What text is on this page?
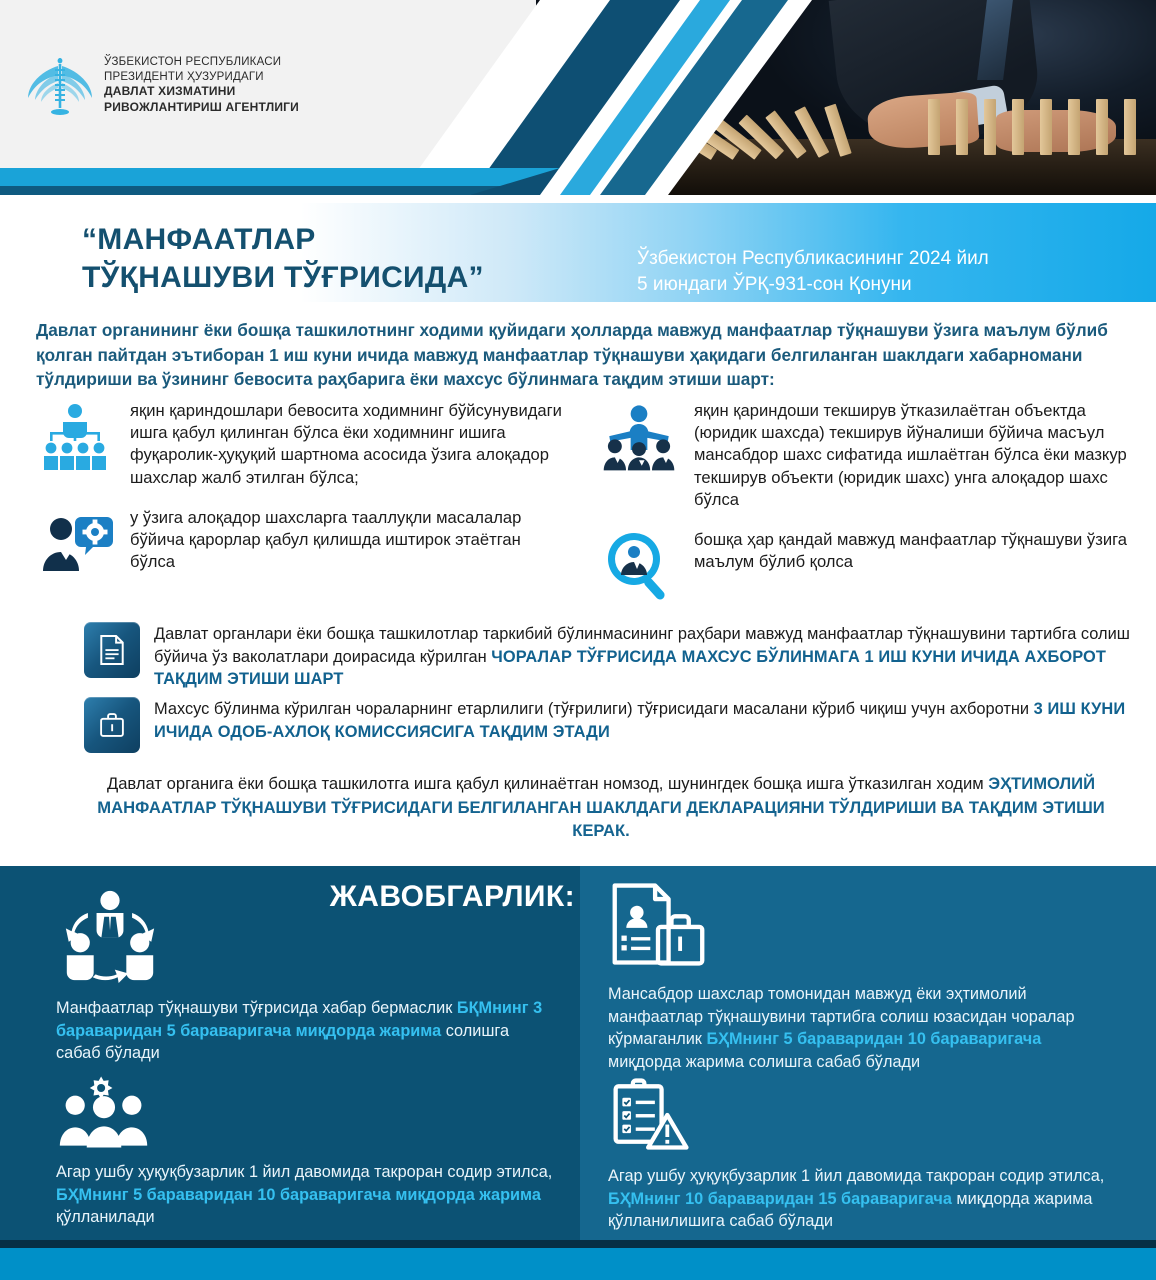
ЎЗБЕКИСТОН РЕСПУБЛИКАСИ
ПРЕЗИДЕНТИ ҲУЗУРИДАГИ
ДАВЛАТ ХИЗМАТИНИ
РИВОЖЛАНТИРИШ АГЕНТЛИГИ
“МАНФААТЛАР
ТЎҚНАШУВИ ТЎҒРИСИДА”
Ўзбекистон Республикасининг 2024 йил
5 июндаги ЎРҚ-931-сон Қонуни
Давлат органининг ёки бошқа ташкилотнинг ходими қуйидаги ҳолларда мавжуд манфаатлар тўқнашуви ўзига маълум бўлиб қолган пайтдан эътиборан 1 иш куни ичида мавжуд манфаатлар тўқнашуви ҳақидаги белгиланган шаклдаги хабарномани тўлдириши ва ўзининг бевосита раҳбарига ёки махсус бўлинмага тақдим этиши шарт:
яқин қариндошлари бевосита ходимнинг бўйсунувидаги ишга қабул қилинган бўлса ёки ходимнинг ишига фуқаролик-ҳуқуқий шартнома асосида ўзига алоқадор шахслар жалб этилган бўлса;
у ўзига алоқадор шахсларга тааллуқли масалалар бўйича қарорлар қабул қилишда иштирок этаётган бўлса
яқин қариндоши текширув ўтказилаётган объектда (юридик шахсда) текширув йўналиши бўйича масъул мансабдор шахс сифатида ишлаётган бўлса ёки мазкур текширув объекти (юридик шахс) унга алоқадор шахс бўлса
бошқа ҳар қандай мавжуд манфаатлар тўқнашуви ўзига маълум бўлиб қолса
Давлат органлари ёки бошқа ташкилотлар таркибий бўлинмасининг раҳбари мавжуд манфаатлар тўқнашувини тартибга солиш бўйича ўз ваколатлари доирасида кўрилган ЧОРАЛАР ТЎҒРИСИДА МАХСУС БЎЛИНМАГА 1 ИШ КУНИ ИЧИДА АХБОРОТ ТАҚДИМ ЭТИШИ ШАРТ
Махсус бўлинма кўрилган чораларнинг етарлилиги (тўғрилиги) тўғрисидаги масалани кўриб чиқиш учун ахборотни 3 ИШ КУНИ ИЧИДА ОДОБ-АХЛОҚ КОМИССИЯСИГА ТАҚДИМ ЭТАДИ
Давлат органига ёки бошқа ташкилотга ишга қабул қилинаётган номзод, шунингдек бошқа ишга ўтказилган ходим ЭҲТИМОЛИЙ МАНФААТЛАР ТЎҚНАШУВИ ТЎҒРИСИДАГИ БЕЛГИЛАНГАН ШАКЛДАГИ ДЕКЛАРАЦИЯНИ ТЎЛДИРИШИ ВА ТАҚДИМ ЭТИШИ КЕРАК.
ЖАВОБГАРЛИК:
Манфаатлар тўқнашуви тўғрисида хабар бермаслик БҚМнинг 3 бараваридан 5 бараваригача миқдорда жарима солишга сабаб бўлади
Мансабдор шахслар томонидан мавжуд ёки эҳтимолий манфаатлар тўқнашувини тартибга солиш юзасидан чоралар кўрмаганлик БҲМнинг 5 бараваридан 10 бараваригача миқдорда жарима солишга сабаб бўлади
Агар ушбу ҳуқуқбузарлик 1 йил давомида такроран содир этилса, БҲМнинг 5 бараваридан 10 бараваригача миқдорда жарима қўлланилади
Агар ушбу ҳуқуқбузарлик 1 йил давомида такроран содир этилса, БҲМнинг 10 бараваридан 15 бараваригача миқдорда жарима қўлланилишига сабаб бўлади
